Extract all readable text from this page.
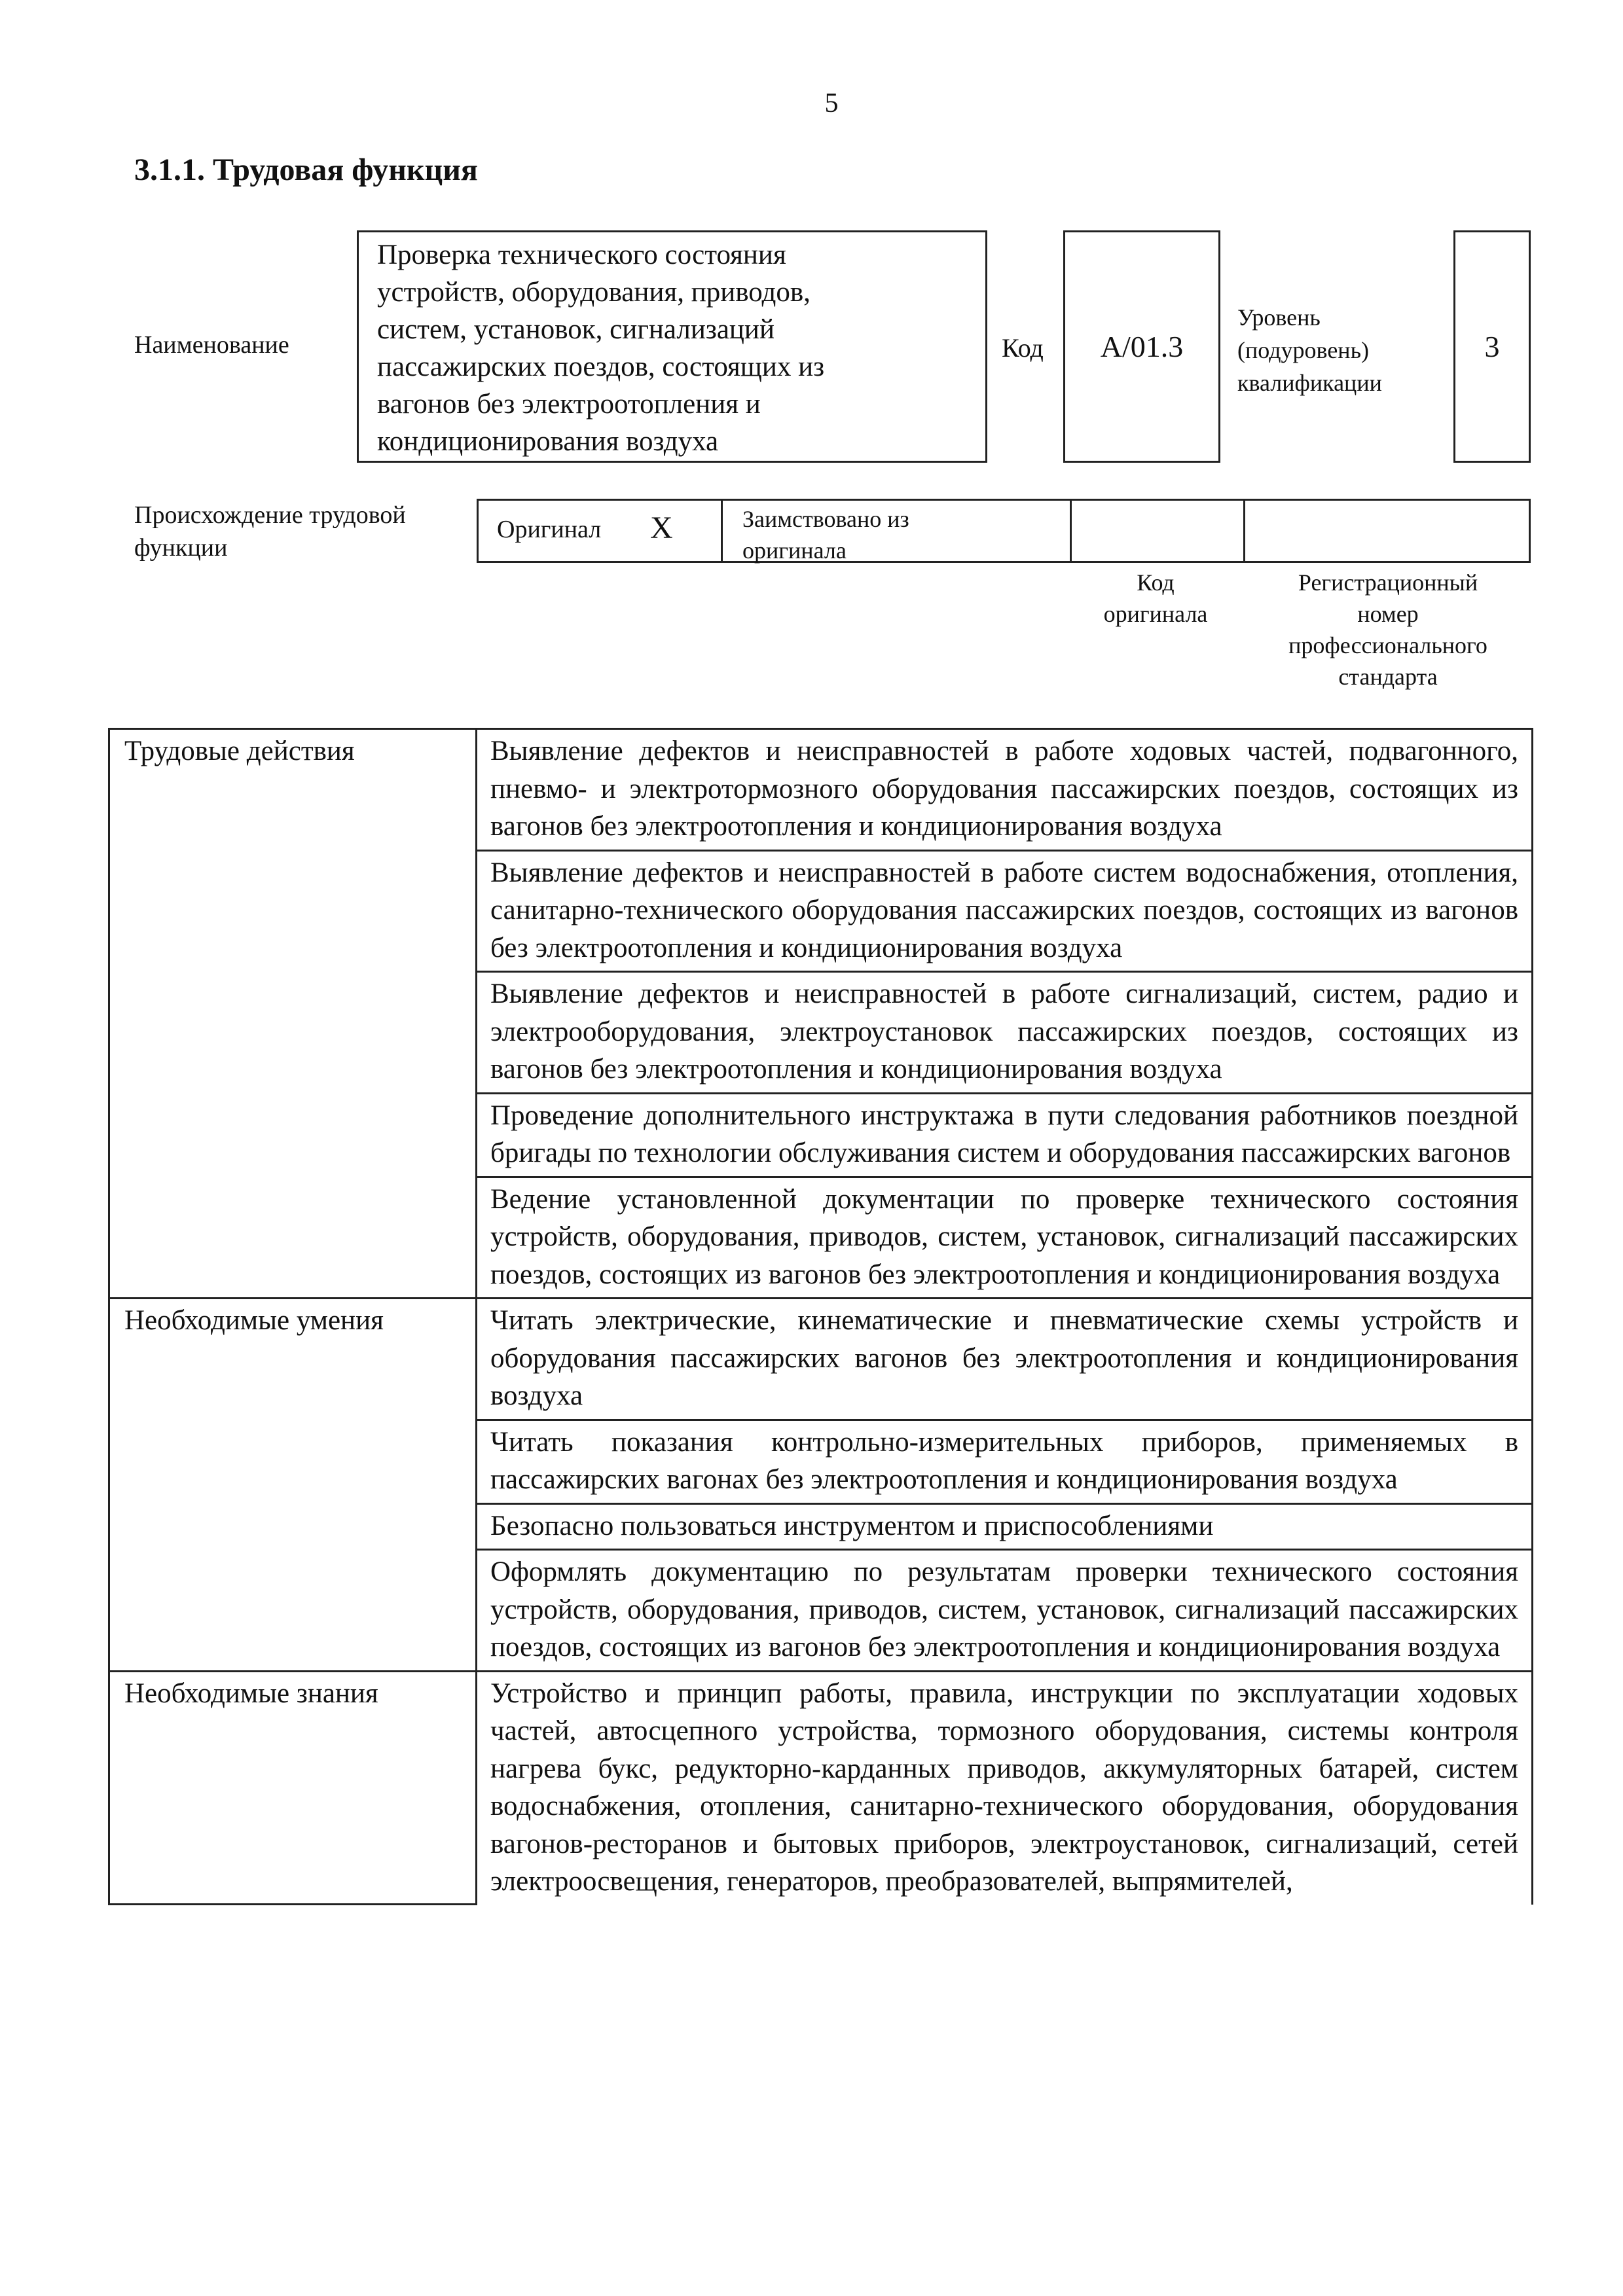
5
3.1.1. Трудовая функция
Наименование
Проверка технического состояния
устройств, оборудования, приводов,
систем, установок, сигнализаций
пассажирских поездов, состоящих из
вагонов без электроотопления и
кондиционирования воздуха
Код A/01.3
Уровень
(подуровень)
квалификации
3
Происхождение трудовой
функции
Оригинал X	Заимствовано из оригинала
Код
оригинала
Регистрационный
номер
профессионального
стандарта
Трудовые действия	Выявление дефектов и неисправностей в работе ходовых частей, подвагонного, пневмо- и электротормозного оборудования пассажирских поездов, состоящих из вагонов без электроотопления и кондиционирования воздуха
	Выявление дефектов и неисправностей в работе систем водоснабжения, отопления, санитарно-технического оборудования пассажирских поездов, состоящих из вагонов без электроотопления и кондиционирования воздуха
	Выявление дефектов и неисправностей в работе сигнализаций, систем, радио и электрооборудования, электроустановок пассажирских поездов, состоящих из вагонов без электроотопления и кондиционирования воздуха
	Проведение дополнительного инструктажа в пути следования работников поездной бригады по технологии обслуживания систем и оборудования пассажирских вагонов
	Ведение установленной документации по проверке технического состояния устройств, оборудования, приводов, систем, установок, сигнализаций пассажирских поездов, состоящих из вагонов без электроотопления и кондиционирования воздуха
Необходимые умения	Читать электрические, кинематические и пневматические схемы устройств и оборудования пассажирских вагонов без электроотопления и кондиционирования воздуха
	Читать показания контрольно-измерительных приборов, применяемых в пассажирских вагонах без электроотопления и кондиционирования воздуха
	Безопасно пользоваться инструментом и приспособлениями
	Оформлять документацию по результатам проверки технического состояния устройств, оборудования, приводов, систем, установок, сигнализаций пассажирских поездов, состоящих из вагонов без электроотопления и кондиционирования воздуха
Необходимые знания	Устройство и принцип работы, правила, инструкции по эксплуатации ходовых частей, автосцепного устройства, тормозного оборудования, системы контроля нагрева букс, редукторно-карданных приводов, аккумуляторных батарей, систем водоснабжения, отопления, санитарно-технического оборудования, оборудования вагонов-ресторанов и бытовых приборов, электроустановок, сигнализаций, сетей электроосвещения, генераторов, преобразователей, выпрямителей,
